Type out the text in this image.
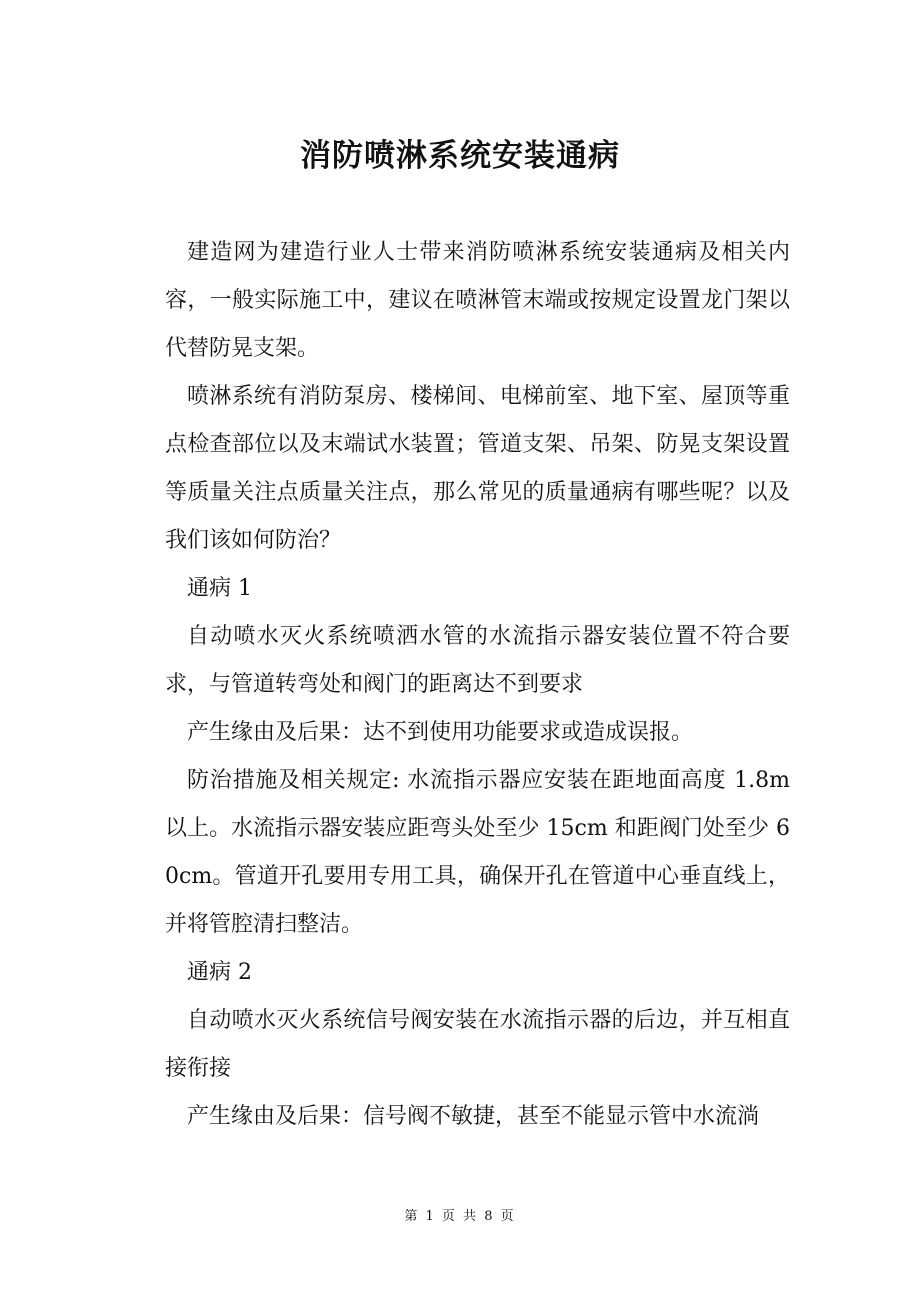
消防喷淋系统安装通病

建造网为建造行业人士带来消防喷淋系统安装通病及相关内容，一般实际施工中，建议在喷淋管末端或按规定设置龙门架以代替防晃支架。

喷淋系统有消防泵房、楼梯间、电梯前室、地下室、屋顶等重点检查部位以及末端试水装置；管道支架、吊架、防晃支架设置等质量关注点质量关注点，那么常见的质量通病有哪些呢？以及我们该如何防治？

通病 1

自动喷水灭火系统喷洒水管的水流指示器安装位置不符合要求，与管道转弯处和阀门的距离达不到要求

产生缘由及后果：达不到使用功能要求或造成误报。

防治措施及相关规定: 水流指示器应安装在距地面高度 1.8m 以上。水流指示器安装应距弯头处至少 15cm 和距阀门处至少 60cm。管道开孔要用专用工具，确保开孔在管道中心垂直线上，并将管腔清扫整洁。

通病 2

自动喷水灭火系统信号阀安装在水流指示器的后边，并互相直接衔接

产生缘由及后果：信号阀不敏捷，甚至不能显示管中水流淌

第 1 页 共 8 页
